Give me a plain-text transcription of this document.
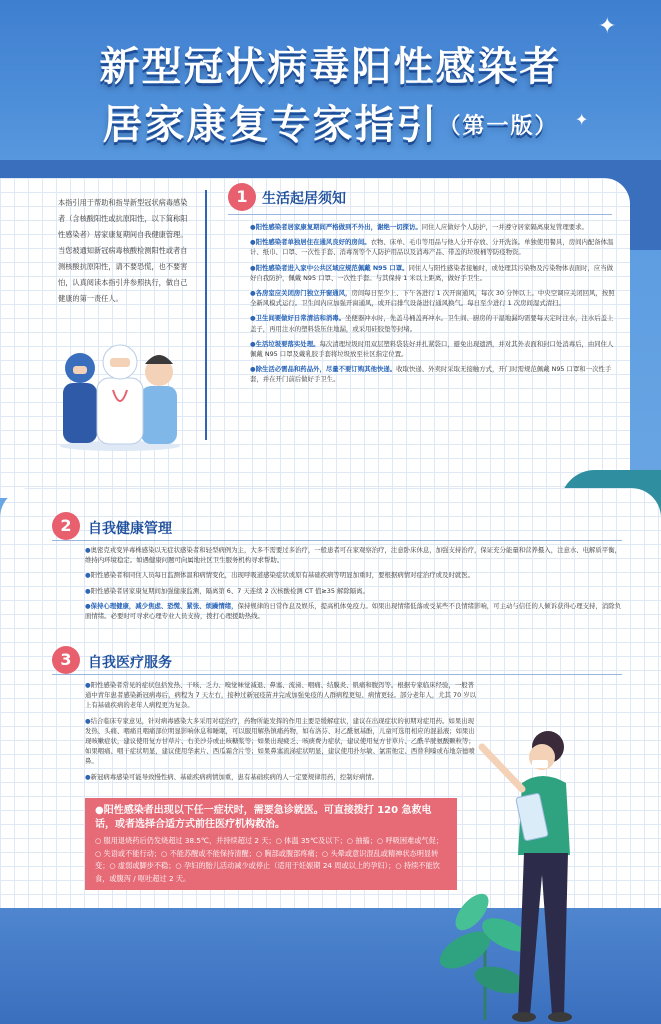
新型冠状病毒阳性感染者
居家康复专家指引（第一版）
✦
✦
本指引用于帮助和指导新型冠状病毒感染者（含核酸阳性或抗原阳性，以下简称阳性感染者）居家康复期间自我健康管理。当您被通知新冠病毒核酸检测阳性或者自测核酸抗原阳性，请不要恐慌，也不要害怕，认真阅读本指引并参照执行，做自己健康的第一责任人。
1	生活起居须知

●阳性感染者居家康复期间严格做到不外出，谢绝一切探访。同住人应做好个人防护，一并遵守居家隔离康复管理要求。

●阳性感染者单独居住在通风良好的房间。衣物、床单、毛巾等用品与他人分开存放、分开洗涤。单独使用餐具，房间内配备体温计、纸巾、口罩、一次性手套、消毒剂等个人防护用品以及消毒产品、带盖的垃圾桶等防疫物资。

●阳性感染者进入家中公共区域应规范佩戴 N95 口罩。同住人与阳性感染者接触时，或处理其污染物及污染物体表面时，应当做好自我防护，佩戴 N95 口罩、一次性手套。与其保持 1 米以上距离，做好手卫生。

●各房室应关闭房门独立开窗通风，房间每日至少上、下午各进行 1 次开窗通风，每次 30 分钟以上。中央空调应关闭回风，按照全新风模式运行。卫生间内应加强开窗通风，或开启排气设备进行通风换气。每日至少进行 1 次房间湿式清扫。

●卫生间要做好日常清洁和消毒。坐便器冲水时，先盖马桶盖再冲水。卫生间、厨房的干湿地漏均需要每天定时注水，注水后盖上盖子，再用注水的塑料袋压住地漏，或采用硅胶垫等封堵。

●生活垃圾要落实处理。每次清理垃圾时用双层塑料袋装好并扎紧袋口，避免出现遗洒，并对其外表面和封口处消毒后，由同住人佩戴 N95 口罩及戴乳胶手套将垃圾放至社区指定位置。

●除生活必需品和药品外，尽量不要订购其他快递。收取快递、外卖时采取无接触方式，开门时需规范佩戴 N95 口罩和一次性手套，并在开门前后做好手卫生。

2	自我健康管理

●奥密克戎变异毒株感染以无症状感染者和轻型病例为主，大多不需要过多治疗，一般患者可在家观察治疗，注意卧床休息，加强支持治疗，保证充分能量和营养摄入，注意水、电解质平衡，维持内环境稳定。如遇健康问题可向属地社区卫生服务机构寻求帮助。

●阳性感染者和同住人员每日监测体温和病情变化，出现呼吸道感染症状或原有基础疾病等明显加重时，要根据病情对症治疗或及时就医。

●阳性感染者居家康复期间加强健康监测，隔离第 6、7 天连续 2 次核酸检测 CT 值≥35 解除隔离。

●保持心理健康，减少焦虑、恐慌、紧张、烦躁情绪，保持规律的日常作息及娱乐，提高机体免疫力。如果出现情绪低落或受某些不良情绪影响，可主动与信任的人倾诉获得心理支持，消除负面情绪。必要时可寻求心理专业人员支持，拨打心理援助热线。

3	自我医疗服务

●阳性感染者常见的症状包括发热、干咳、乏力、嗅觉味觉减退、鼻塞、流涕、咽痛、结膜炎、肌痛和腹泻等。根据专家临床经验，一般普通中青年患者感染新冠病毒后，病程为 7 天左右，接种过新冠疫苗并完成加强免疫的人群病程更短、病情更轻。部分老年人，尤其 70 岁以上有基础疾病的老年人病程更为复杂。

●结合临床专家意见，针对病毒感染大多采用对症治疗，药物所能发挥的作用主要是缓解症状，建议在出现症状的初期对症用药。如果出现发热、头痛、咽痛且咽痛部位明显影响休息和睡眠，可以服用解热镇痛药物，如布洛芬、对乙酰氨基酚，儿童可选用相应的混悬液；如果出现咳嗽症状，建议使用复方甘草片、右美沙芬或止咳糖浆等；如果出现疲乏、咳痰费力症状，建议使用复方甘草片、乙酰半胱氨酸颗粒等；如果咽痛、咽干症状明显，建议使用华素片、西瓜霜含片等；如果鼻塞流涕症状明显，建议使用扑尔敏、氯雷他定、西替利嗪或布地奈德喷鼻。

●新冠病毒感染可能导致慢性病、基础疾病病情加重，患有基础疾病的人一定要规律用药，控制好病情。

●阳性感染者出现以下任一症状时，需要急诊就医。可直接拨打 120 急救电话，或者选择合适方式前往医疗机构救治。
○ 服用退烧药后仍发烧超过 38.5℃，并持续超过 2 天；○ 体温 35℃及以下；○ 抽搐；○ 呼吸困难或气促；○ 失语或不能行动；○ 不能苏醒或不能保持清醒；○ 胸部或腹部疼痛；○ 头晕或意识混乱或精神状态明显转变；○ 虚弱或脚步不稳；○ 孕妇的胎儿活动减少或停止（适用于妊娠期 24 周或以上的孕妇）；○ 持续不能饮食，或腹泻 / 呕吐超过 2 天。
